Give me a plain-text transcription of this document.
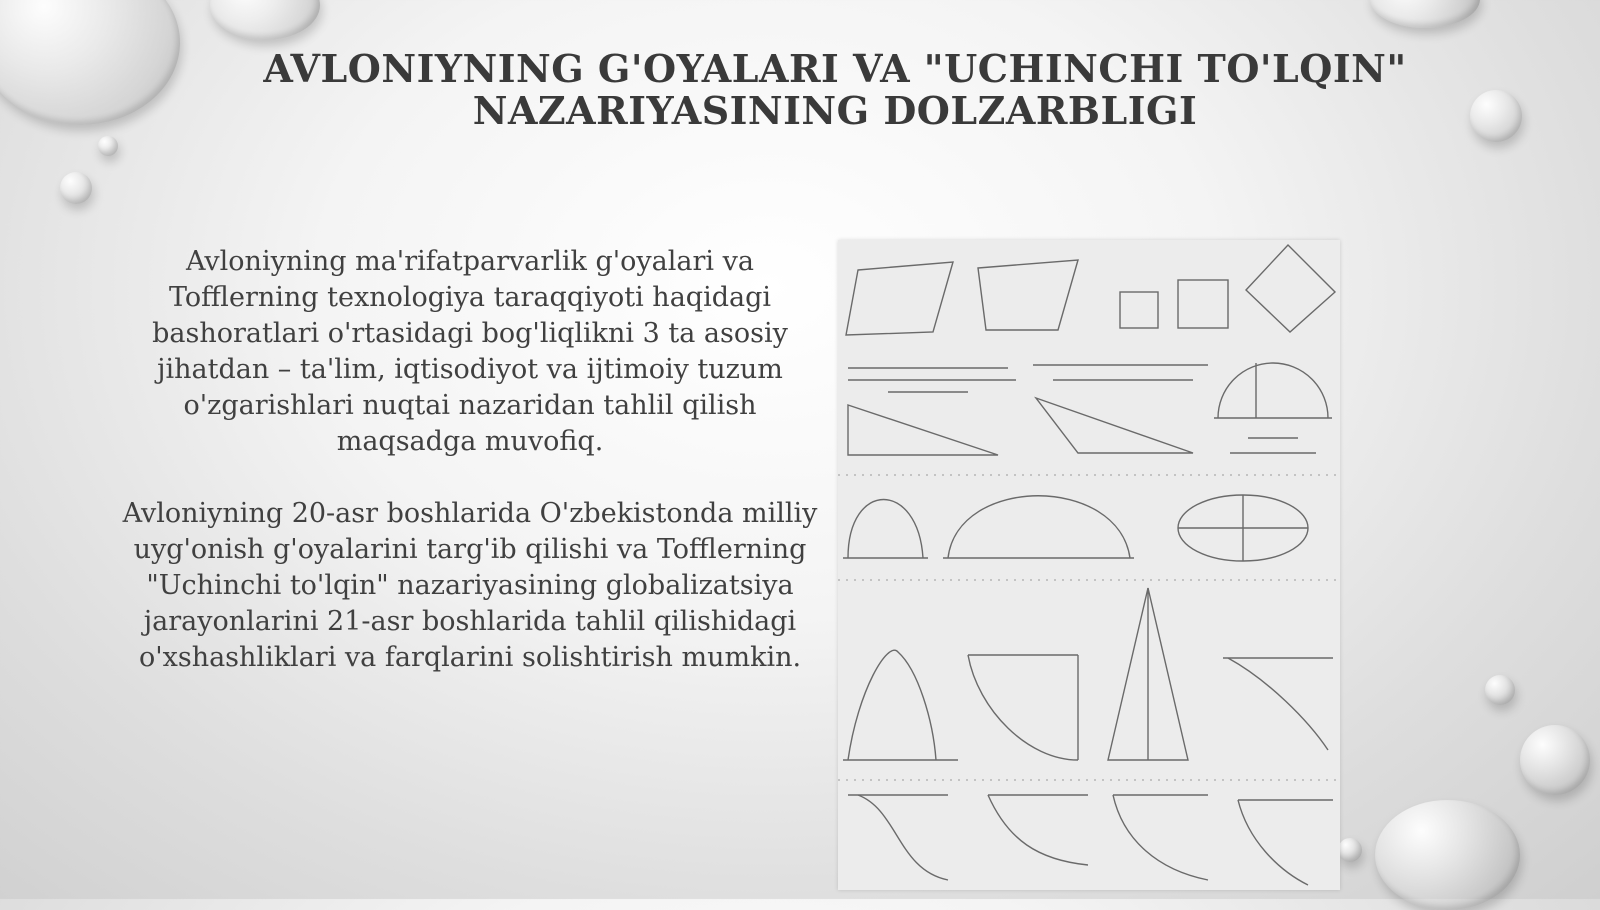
AVLONIYNING G'OYALARI VA "UCHINCHI TO'LQIN" NAZARIYASINING DOLZARBLIGI

Avloniyning ma'rifatparvarlik g'oyalari va Tofflerning texnologiya taraqqiyoti haqidagi bashoratlari o'rtasidagi bog'liqlikni 3 ta asosiy jihatdan – ta'lim, iqtisodiyot va ijtimoiy tuzum o'zgarishlari nuqtai nazaridan tahlil qilish maqsadga muvofiq.

Avloniyning 20-asr boshlarida O'zbekistonda milliy uyg'onish g'oyalarini targ'ib qilishi va Tofflerning "Uchinchi to'lqin" nazariyasining globalizatsiya jarayonlarini 21-asr boshlarida tahlil qilishidagi o'xshashliklari va farqlarini solishtirish mumkin.
